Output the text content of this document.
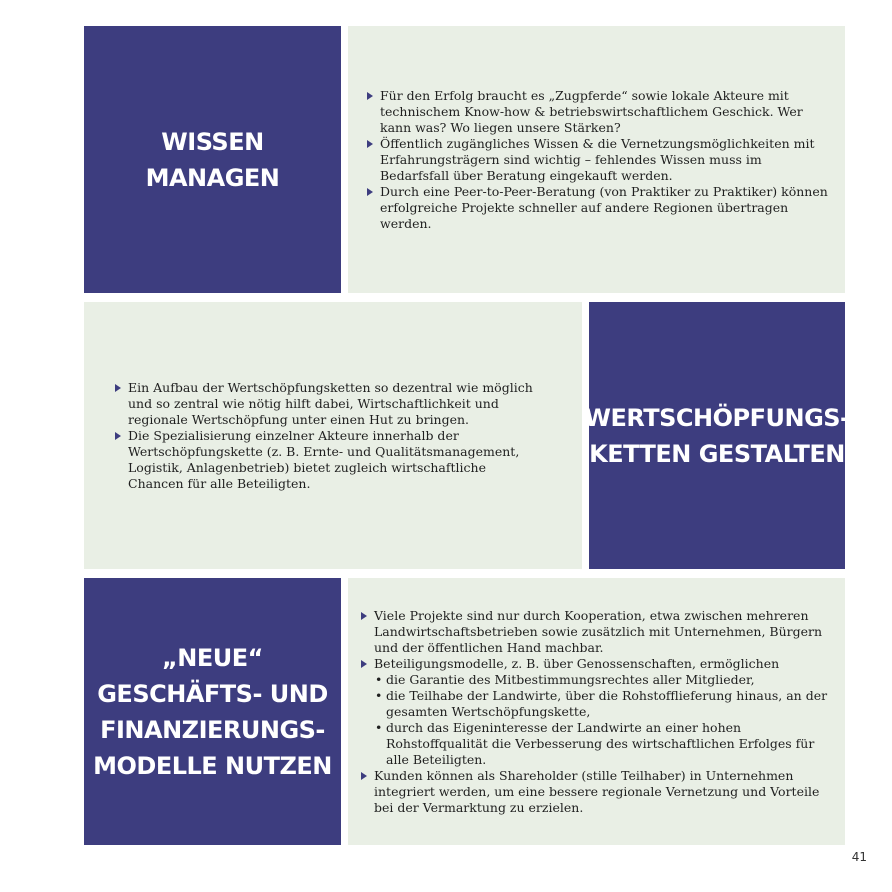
WISSEN
MANAGEN
Für den Erfolg braucht es „Zugpferde“ sowie lokale Akteure mit technischem Know-how & betriebswirtschaftlichem Geschick. Wer kann was? Wo liegen unsere Stärken?
Öffentlich zugängliches Wissen & die Vernetzungsmöglichkeiten mit Erfahrungsträgern sind wichtig – fehlendes Wissen muss im Bedarfsfall über Beratung eingekauft werden.
Durch eine Peer-to-Peer-Beratung (von Praktiker zu Praktiker) können erfolgreiche Projekte schneller auf andere Regionen übertragen werden.
Ein Aufbau der Wertschöpfungsketten so dezentral wie möglich und so zentral wie nötig hilft dabei, Wirtschaftlichkeit und regionale Wertschöpfung unter einen Hut zu bringen.
Die Spezialisierung einzelner Akteure innerhalb der Wertschöpfungskette (z. B. Ernte- und Qualitätsmanagement, Logistik, Anlagenbetrieb) bietet zugleich wirtschaftliche Chancen für alle Beteiligten.
WERTSCHÖPFUNGS-
KETTEN GESTALTEN
„NEUE“
GESCHÄFTS- UND
FINANZIERUNGS-
MODELLE NUTZEN
Viele Projekte sind nur durch Kooperation, etwa zwischen mehreren Landwirtschaftsbetrieben sowie zusätzlich mit Unternehmen, Bürgern und der öffentlichen Hand machbar.
Beteiligungsmodelle, z. B. über Genossenschaften, ermöglichen
• die Garantie des Mitbestimmungsrechtes aller Mitglieder,
• die Teilhabe der Landwirte, über die Rohstofflieferung hinaus, an der gesamten Wertschöpfungskette,
• durch das Eigeninteresse der Landwirte an einer hohen Rohstoffqualität die Verbesserung des wirtschaftlichen Erfolges für alle Beteiligten.
Kunden können als Shareholder (stille Teilhaber) in Unternehmen integriert werden, um eine bessere regionale Vernetzung und Vorteile bei der Vermarktung zu erzielen.
41
